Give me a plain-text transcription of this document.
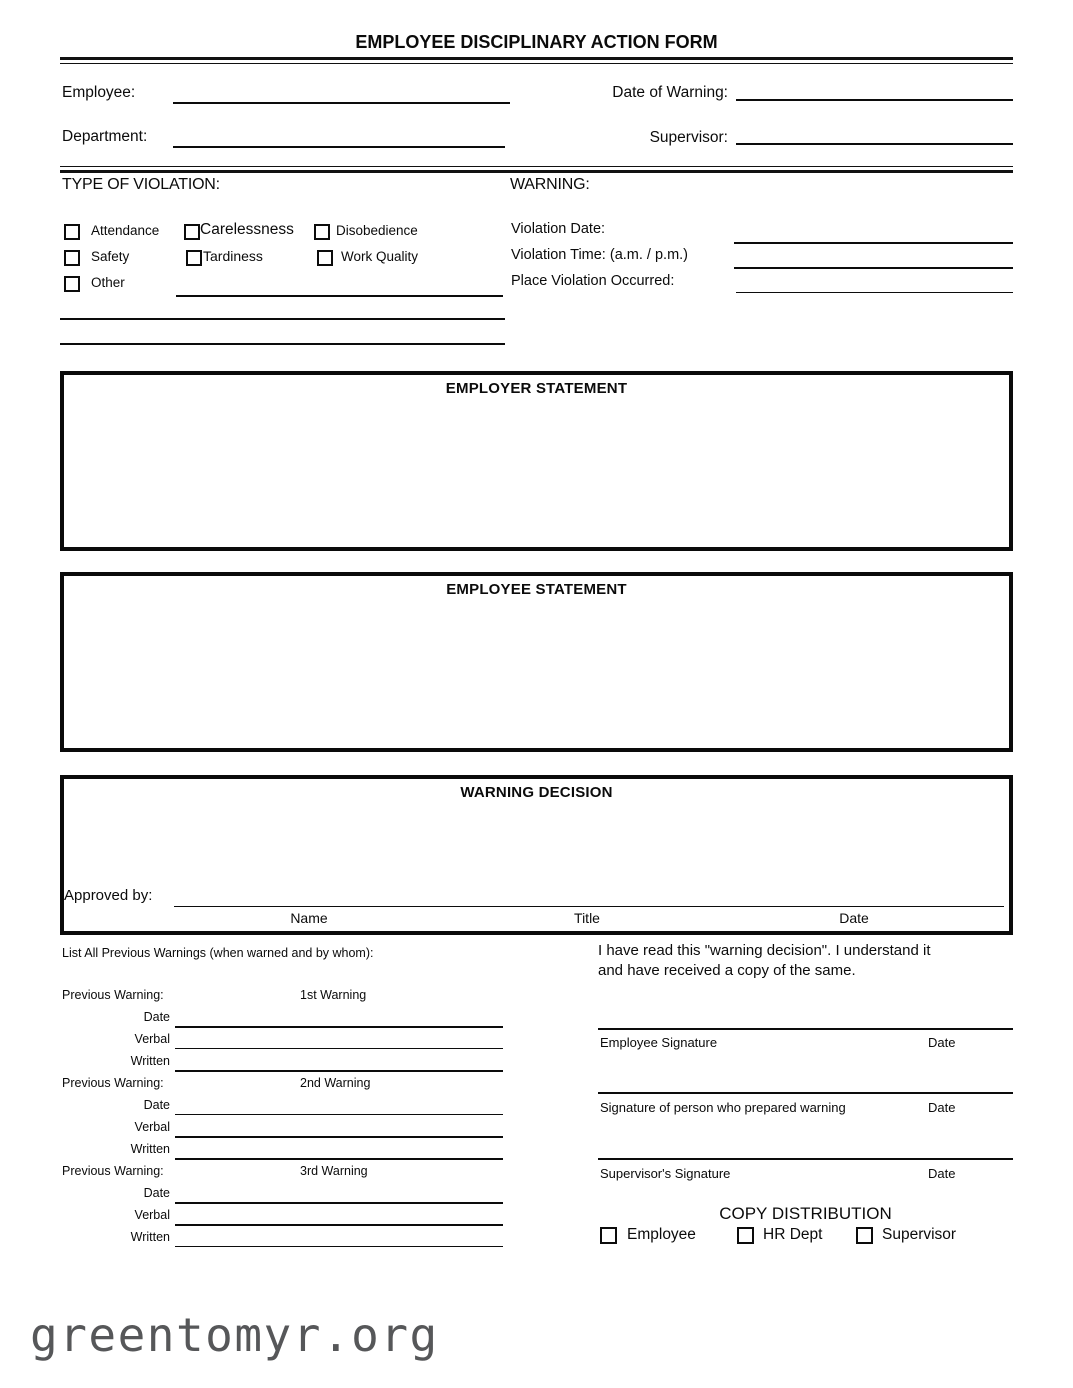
EMPLOYEE DISCIPLINARY ACTION FORM
Employee:	Date of Warning:
Department:	Supervisor:
TYPE OF VIOLATION:	WARNING:
Attendance	Carelessness	Disobedience
Safety	Tardiness	Work Quality
Other
Violation Date:
Violation Time: (a.m. / p.m.)
Place Violation Occurred:
EMPLOYER STATEMENT
EMPLOYEE STATEMENT
WARNING DECISION
Approved by:
Name	Title	Date
List All Previous Warnings (when warned and by whom):	I have read this "warning decision". I understand it
and have received a copy of the same.
Previous Warning:	1st Warning
Date
Verbal
Written
Previous Warning:	2nd Warning
Date
Verbal
Written
Previous Warning:	3rd Warning
Date
Verbal
Written
Employee Signature	Date
Signature of person who prepared warning	Date
Supervisor's Signature	Date
COPY DISTRIBUTION
Employee	HR Dept	Supervisor
greentomyr.org
